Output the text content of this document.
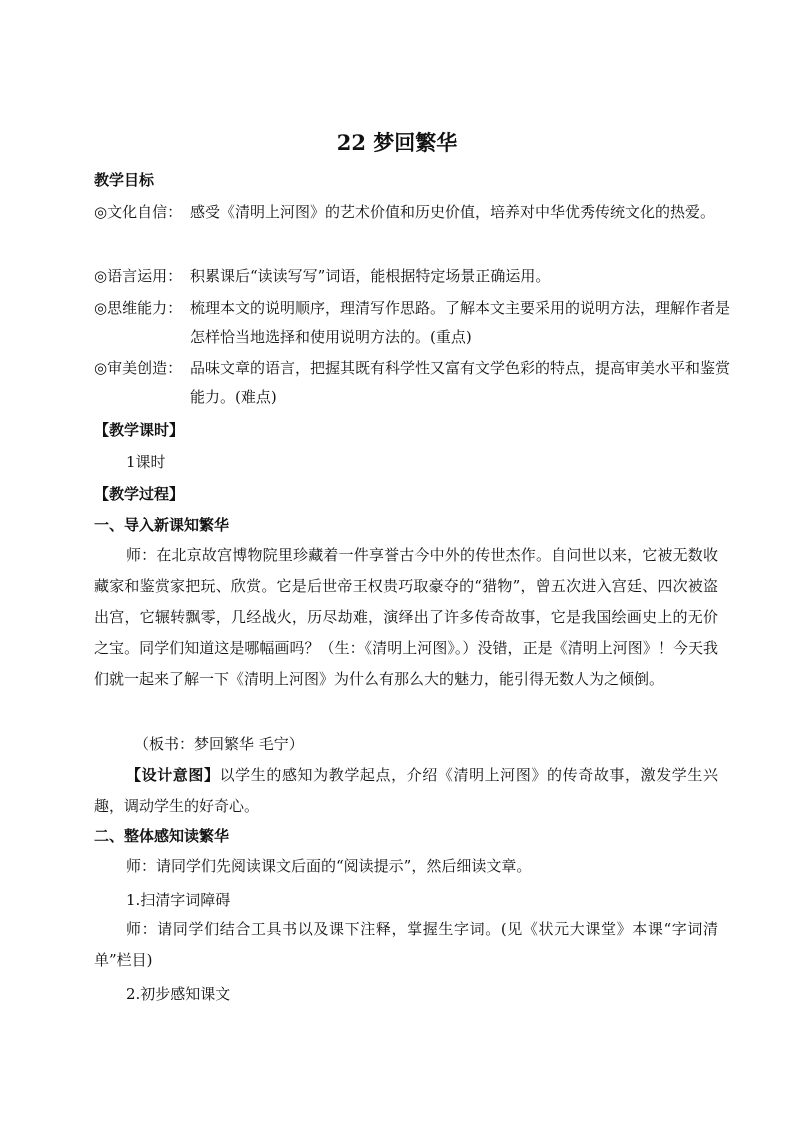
22 梦回繁华
教学目标
◎文化自信： 感受《清明上河图》的艺术价值和历史价值，培养对中华优秀传统文化的热爱。
◎语言运用： 积累课后“读读写写”词语，能根据特定场景正确运用。
◎思维能力： 梳理本文的说明顺序，理清写作思路。了解本文主要采用的说明方法，理解作者是怎样恰当地选择和使用说明方法的。(重点)
◎审美创造： 品味文章的语言，把握其既有科学性又富有文学色彩的特点，提高审美水平和鉴赏能力。(难点)
【教学课时】
1课时
【教学过程】
一、导入新课知繁华
师：在北京故宫博物院里珍藏着一件享誉古今中外的传世杰作。自问世以来，它被无数收藏家和鉴赏家把玩、欣赏。它是后世帝王权贵巧取豪夺的“猎物”，曾五次进入宫廷、四次被盗出宫，它辗转飘零，几经战火，历尽劫难，演绎出了许多传奇故事，它是我国绘画史上的无价之宝。同学们知道这是哪幅画吗？（生：《清明上河图》。）没错，正是《清明上河图》！今天我们就一起来了解一下《清明上河图》为什么有那么大的魅力，能引得无数人为之倾倒。
（板书：梦回繁华 毛宁）
【设计意图】以学生的感知为教学起点，介绍《清明上河图》的传奇故事，激发学生兴趣，调动学生的好奇心。
二、整体感知读繁华
师：请同学们先阅读课文后面的“阅读提示”，然后细读文章。
1.扫清字词障碍
师：请同学们结合工具书以及课下注释，掌握生字词。(见《状元大课堂》本课“字词清单”栏目)
2.初步感知课文
